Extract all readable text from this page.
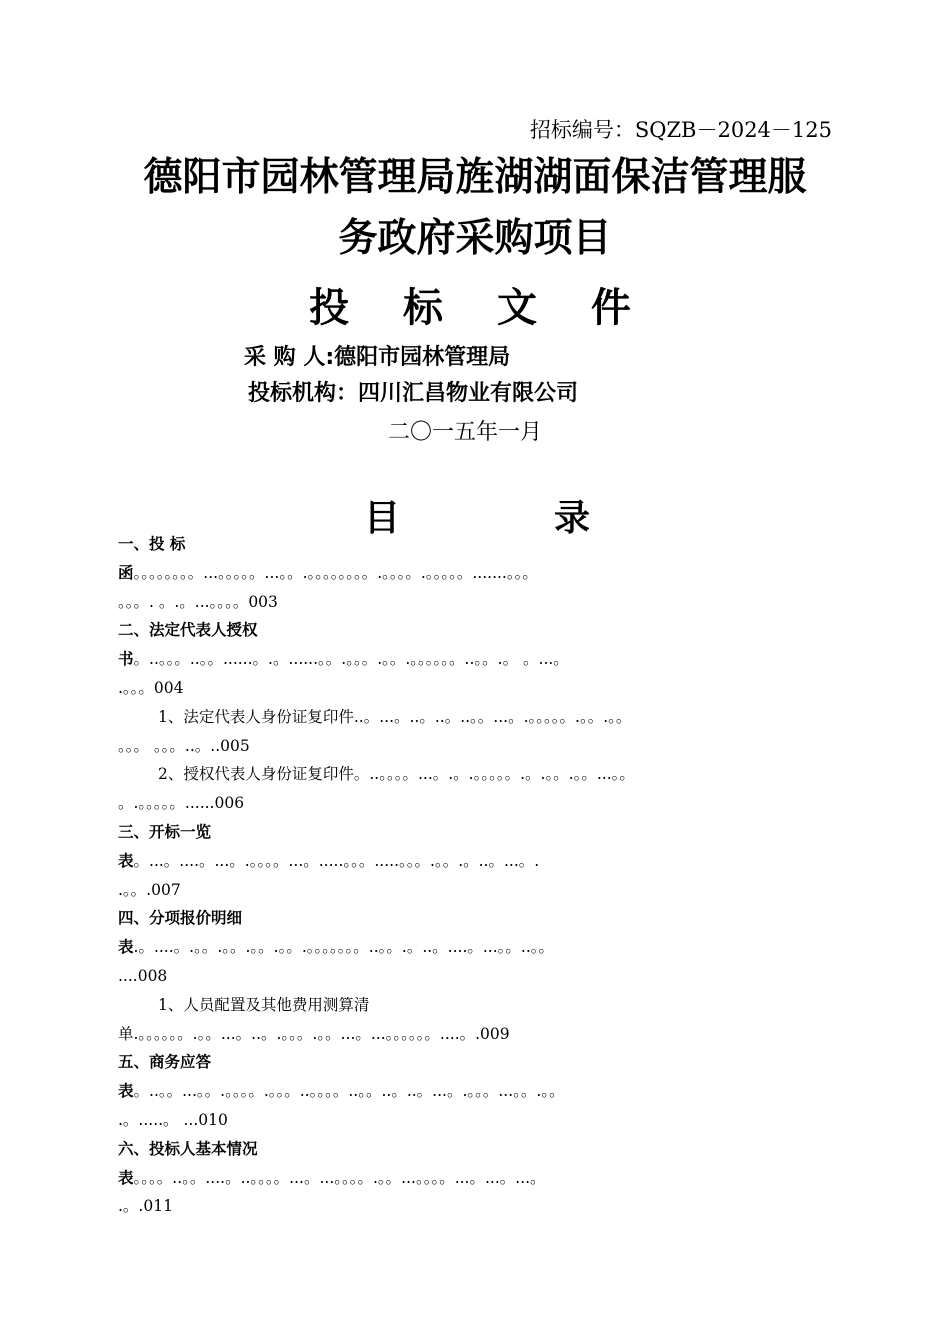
招标编号：SQZB－2024－125
德阳市园林管理局旌湖湖面保洁管理服
务政府采购项目
投 标 文 件
采 购 人:德阳市园林管理局
投标机构：四川汇昌物业有限公司
二〇一五年一月
目	录
一、投 标
函。。。。。。。。...。。。。。...。。.。。。。。。。。.。。。。.。。。。。.......。。。
。。。. 。.。...。。。。003
二、法定代表人授权
书。..。。。..。。......。.。......。。.。。。.。。.。。。。。。..。。.。 。...。
.。。。004
1、法定代表人身份证复印件..。...。..。..。..。。...。.。。。。。.。。.。。
。。。 。。。..。..005
2、授权代表人身份证复印件。..。。。。...。.。.。。。。。.。.。。.。。...。。
。.。。。。。......006
三、开标一览
表。...。....。...。.。。。。...。.....。。。.....。。。.。。.。..。...。.
.。。.007
四、分项报价明细
表.。....。.。。.。。.。。.。。.。。。。。。。..。。.。..。....。...。。..。。
....008
1、人员配置及其他费用测算清
单.。。。。。。.。。...。..。.。。。.。。...。...。。。。。。....。.009
五、商务应答
表。..。。...。。.。。。。.。。。..。。。。..。。..。..。...。.。。。...。。.。。
.。.....。 ...010
六、投标人基本情况
表。。。。..。。....。..。。。。...。...。。。。.。。...。。。。...。...。...。
.。.011
